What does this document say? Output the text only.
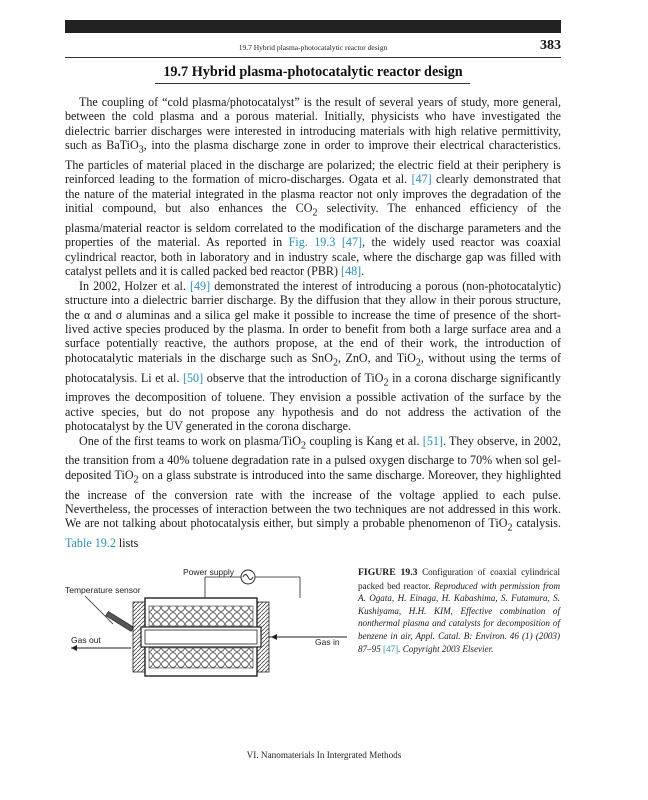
19.7 Hybrid plasma-photocatalytic reactor design	383
19.7 Hybrid plasma-photocatalytic reactor design

The coupling of “cold plasma/photocatalyst” is the result of several years of study, more general, between the cold plasma and a porous material. Initially, physicists who have investigated the dielectric barrier discharges were interested in introducing materials with high relative permittivity, such as BaTiO$_3$, into the plasma discharge zone in order to improve their electrical characteristics. The particles of material placed in the discharge are polarized; the electric field at their periphery is reinforced leading to the formation of micro-discharges. Ogata et al. [47] clearly demonstrated that the nature of the material integrated in the plasma reactor not only improves the degradation of the initial compound, but also enhances the $CO_2$ selectivity. The enhanced efficiency of the plasma/material reactor is seldom correlated to the modification of the discharge parameters and the properties of the material. As reported in Fig. 19.3 [47], the widely used reactor was coaxial cylindrical reactor, both in laboratory and in industry scale, where the discharge gap was filled with catalyst pellets and it is called packed bed reactor (PBR) [48].

In 2002, Holzer et al. [49] demonstrated the interest of introducing a porous (non-photocatalytic) structure into a dielectric barrier discharge. By the diffusion that they allow in their porous structure, the α and σ aluminas and a silica gel make it possible to increase the time of presence of the short-lived active species produced by the plasma. In order to benefit from both a large surface area and a surface potentially reactive, the authors propose, at the end of their work, the introduction of photocatalytic materials in the discharge such as SnO$_2$, ZnO, and TiO$_2$, without using the terms of photocatalysis. Li et al. [50] observe that the introduction of TiO$_2$ in a corona discharge significantly improves the decomposition of toluene. They envision a possible activation of the surface by the active species, but do not propose any hypothesis and do not address the activation of the photocatalyst by the UV generated in the corona discharge.

One of the first teams to work on plasma/TiO$_2$ coupling is Kang et al. [51]. They observe, in 2002, the transition from a 40% toluene degradation rate in a pulsed oxygen discharge to 70% when sol gel-deposited TiO$_2$ on a glass substrate is introduced into the same discharge. Moreover, they highlighted the increase of the conversion rate with the increase of the voltage applied to each pulse. Nevertheless, the processes of interaction between the two techniques are not addressed in this work. We are not talking about photocatalysis either, but simply a probable phenomenon of TiO$_2$ catalysis. Table 19.2 lists

Power supply
Temperature sensor
Gas out	Gas in
FIGURE 19.3  Configuration of coaxial cylindrical packed bed reactor. Reproduced with permission from A. Ogata, H. Einaga, H. Kabashima, S. Futamura, S. Kushiyama, H.H. KIM, Effective combination of nonthermal plasma and catalysts for decomposition of benzene in air, Appl. Catal. B: Environ. 46 (1) (2003) 87–95 [47]. Copyright 2003 Elsevier.
VI. Nanomaterials In Intergrated Methods
